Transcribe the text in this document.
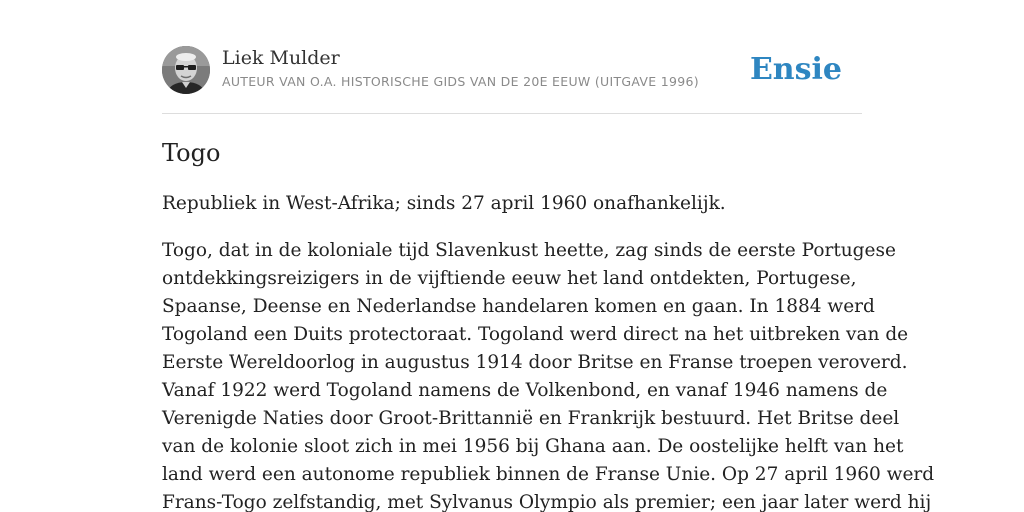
Liek Mulder
AUTEUR VAN O.A. HISTORISCHE GIDS VAN DE 20E EEUW (UITGAVE 1996) Ensie
Togo

Republiek in West-Afrika; sinds 27 april 1960 onafhankelijk.

Togo, dat in de koloniale tijd Slavenkust heette, zag sinds de eerste Portugese
ontdekkingsreizigers in de vijftiende eeuw het land ontdekten, Portugese,
Spaanse, Deense en Nederlandse handelaren komen en gaan. In 1884 werd
Togoland een Duits protectoraat. Togoland werd direct na het uitbreken van de
Eerste Wereldoorlog in augustus 1914 door Britse en Franse troepen veroverd.
Vanaf 1922 werd Togoland namens de Volkenbond, en vanaf 1946 namens de
Verenigde Naties door Groot-Brittannië en Frankrijk bestuurd. Het Britse deel
van de kolonie sloot zich in mei 1956 bij Ghana aan. De oostelijke helft van het
land werd een autonome republiek binnen de Franse Unie. Op 27 april 1960 werd
Frans-Togo zelfstandig, met Sylvanus Olympio als premier; een jaar later werd hij
